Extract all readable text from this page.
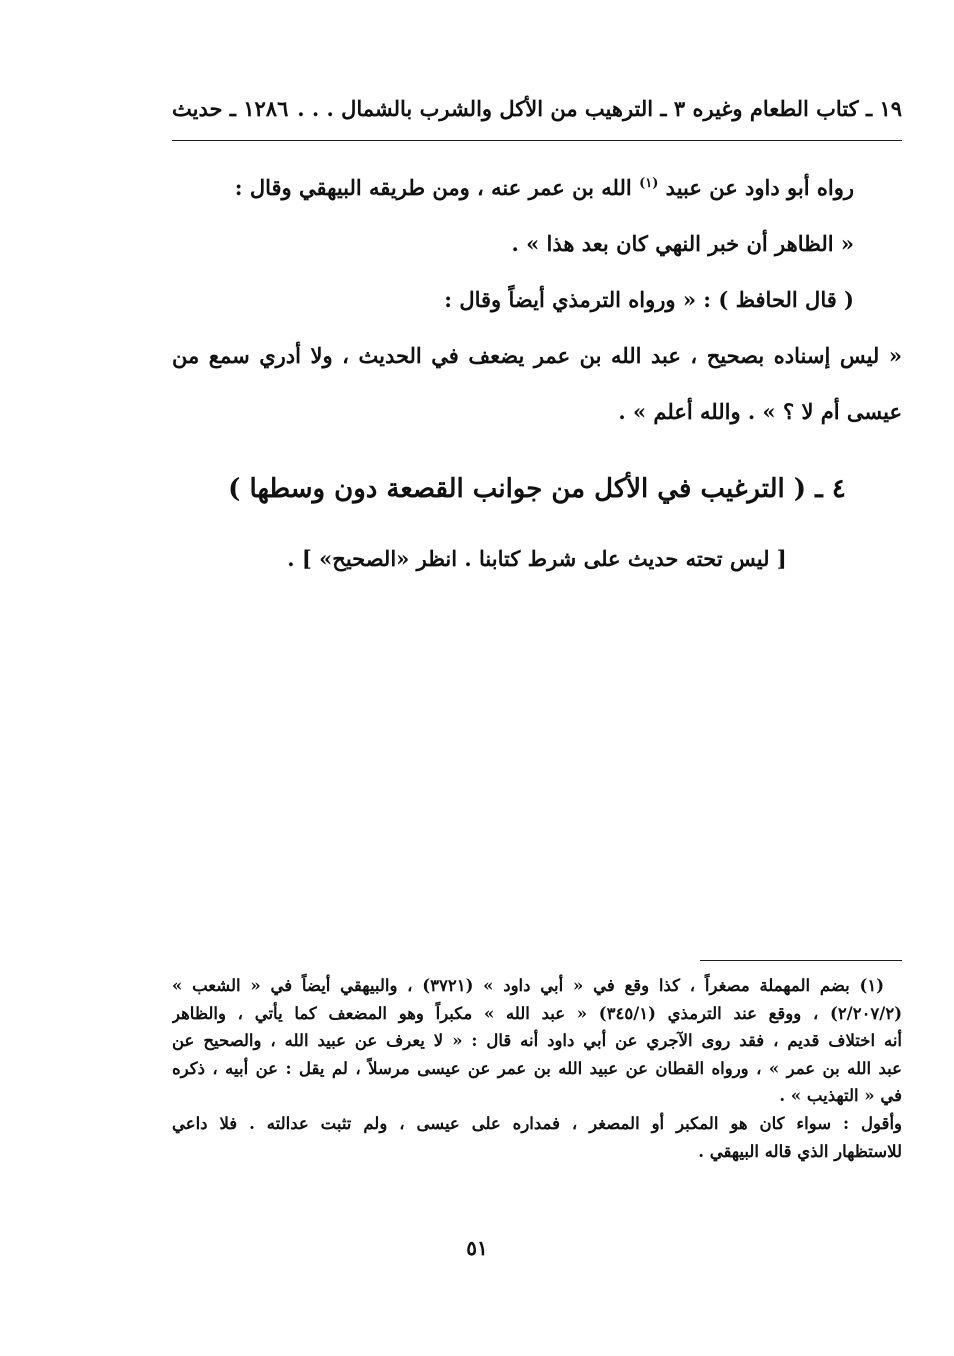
١٩ ـ كتاب الطعام وغيره ٣ ـ الترهيب من الأكل والشرب بالشمال . . .
١٢٨٦ ـ حديث
رواه أبو داود عن عبيد $^{(١)}$ الله بن عمر عنه ، ومن طريقه البيهقي وقال :
« الظاهر أن خبر النهي كان بعد هذا » .
( قال الحافظ ) : « ورواه الترمذي أيضاً وقال :
« ليس إسناده بصحيح ، عبد الله بن عمر يضعف في الحديث ، ولا أدري سمع من
عيسى أم لا ؟ » . والله أعلم » .
٤ ـ ( الترغيب في الأكل من جوانب القصعة دون وسطها )
[ ليس تحته حديث على شرط كتابنا . انظر «الصحيح» ] .
(١) بضم المهملة مصغراً ، كذا وقع في « أبي داود » (٣٧٢١) ، والبيهقي أيضاً في « الشعب »
(٢/٢٠٧/٢) ، ووقع عند الترمذي (٣٤٥/١) « عبد الله » مكبراً وهو المضعف كما يأتي ، والظاهر
أنه اختلاف قديم ، فقد روى الآجري عن أبي داود أنه قال : « لا يعرف عن عبيد الله ، والصحيح عن
عبد الله بن عمر » ، ورواه القطان عن عبيد الله بن عمر عن عيسى مرسلاً ، لم يقل : عن أبيه ، ذكره
في « التهذيب » .
وأقول : سواء كان هو المكبر أو المصغر ، فمداره على عيسى ، ولم تثبت عدالته . فلا داعي
للاستظهار الذي قاله البيهقي .
٥١
